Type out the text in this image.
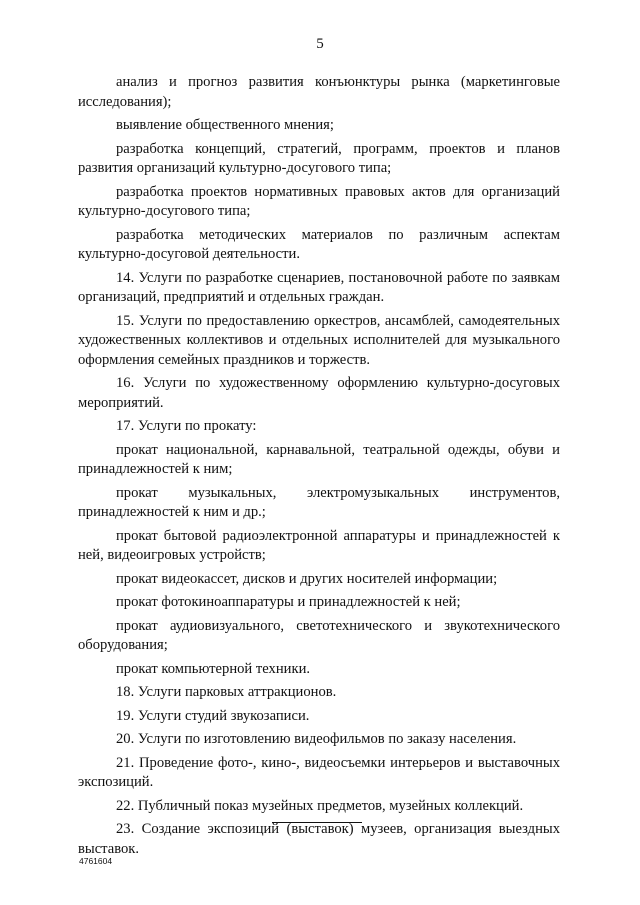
5

анализ и прогноз развития конъюнктуры рынка (маркетинговые исследования);

выявление общественного мнения;

разработка концепций, стратегий, программ, проектов и планов развития организаций культурно-досугового типа;

разработка проектов нормативных правовых актов для организаций культурно-досугового типа;

разработка методических материалов по различным аспектам культурно-досуговой деятельности.

14. Услуги по разработке сценариев, постановочной работе по заявкам организаций, предприятий и отдельных граждан.

15. Услуги по предоставлению оркестров, ансамблей, самодеятельных художественных коллективов и отдельных исполнителей для музыкального оформления семейных праздников и торжеств.

16. Услуги по художественному оформлению культурно-досуговых мероприятий.

17. Услуги по прокату:

прокат национальной, карнавальной, театральной одежды, обуви и принадлежностей к ним;

прокат музыкальных, электромузыкальных инструментов, принадлежностей к ним и др.;

прокат бытовой радиоэлектронной аппаратуры и принадлежностей к ней, видеоигровых устройств;

прокат видеокассет, дисков и других носителей информации;

прокат фотокиноаппаратуры и принадлежностей к ней;

прокат аудиовизуального, светотехнического и звукотехнического оборудования;

прокат компьютерной техники.

18. Услуги парковых аттракционов.

19. Услуги студий звукозаписи.

20. Услуги по изготовлению видеофильмов по заказу населения.

21. Проведение фото-, кино-, видеосъемки интерьеров и выставочных экспозиций.

22. Публичный показ музейных предметов, музейных коллекций.

23. Создание экспозиций (выставок) музеев, организация выездных выставок.

4761604
